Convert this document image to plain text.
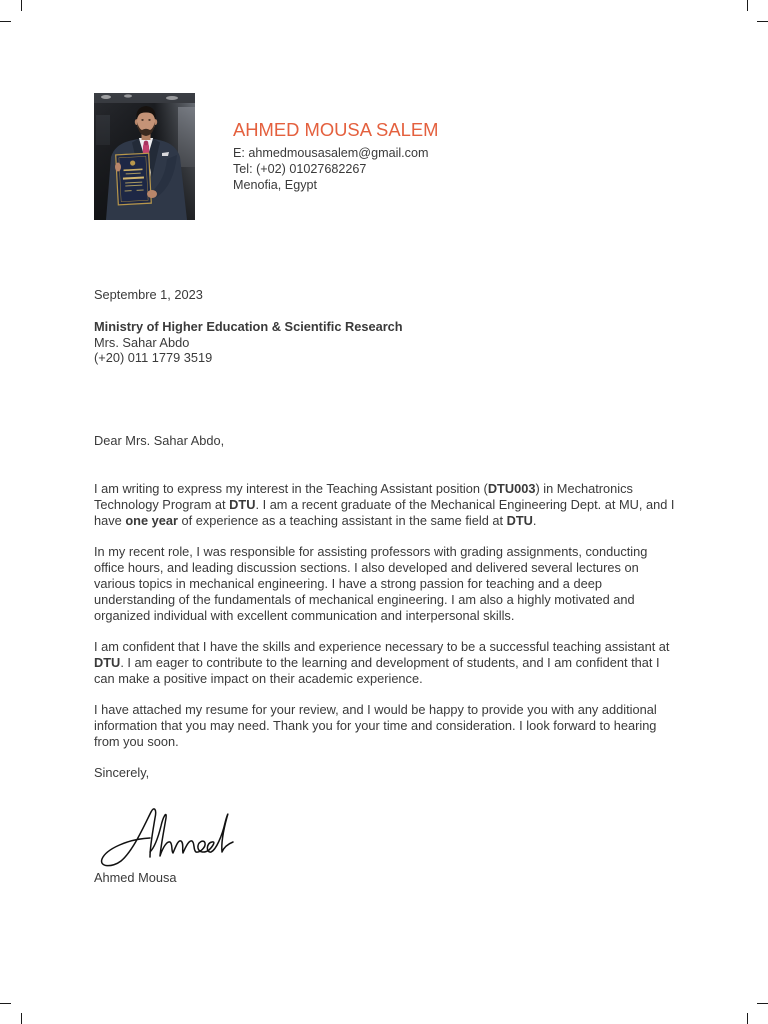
AHMED MOUSA SALEM
E: ahmedmousasalem@gmail.com
Tel: (+02) 01027682267
Menofia, Egypt
Septembre 1, 2023
Ministry of Higher Education & Scientific Research
Mrs. Sahar Abdo
(+20) 011 1779 3519
Dear Mrs. Sahar Abdo,
I am writing to express my interest in the Teaching Assistant position (DTU003) in Mechatronics
Technology Program at DTU. I am a recent graduate of the Mechanical Engineering Dept. at MU, and I
have one year of experience as a teaching assistant in the same field at DTU.
In my recent role, I was responsible for assisting professors with grading assignments, conducting
office hours, and leading discussion sections. I also developed and delivered several lectures on
various topics in mechanical engineering. I have a strong passion for teaching and a deep
understanding of the fundamentals of mechanical engineering. I am also a highly motivated and
organized individual with excellent communication and interpersonal skills.
I am confident that I have the skills and experience necessary to be a successful teaching assistant at
DTU. I am eager to contribute to the learning and development of students, and I am confident that I
can make a positive impact on their academic experience.
I have attached my resume for your review, and I would be happy to provide you with any additional
information that you may need. Thank you for your time and consideration. I look forward to hearing
from you soon.
Sincerely,
Ahmed Mousa
